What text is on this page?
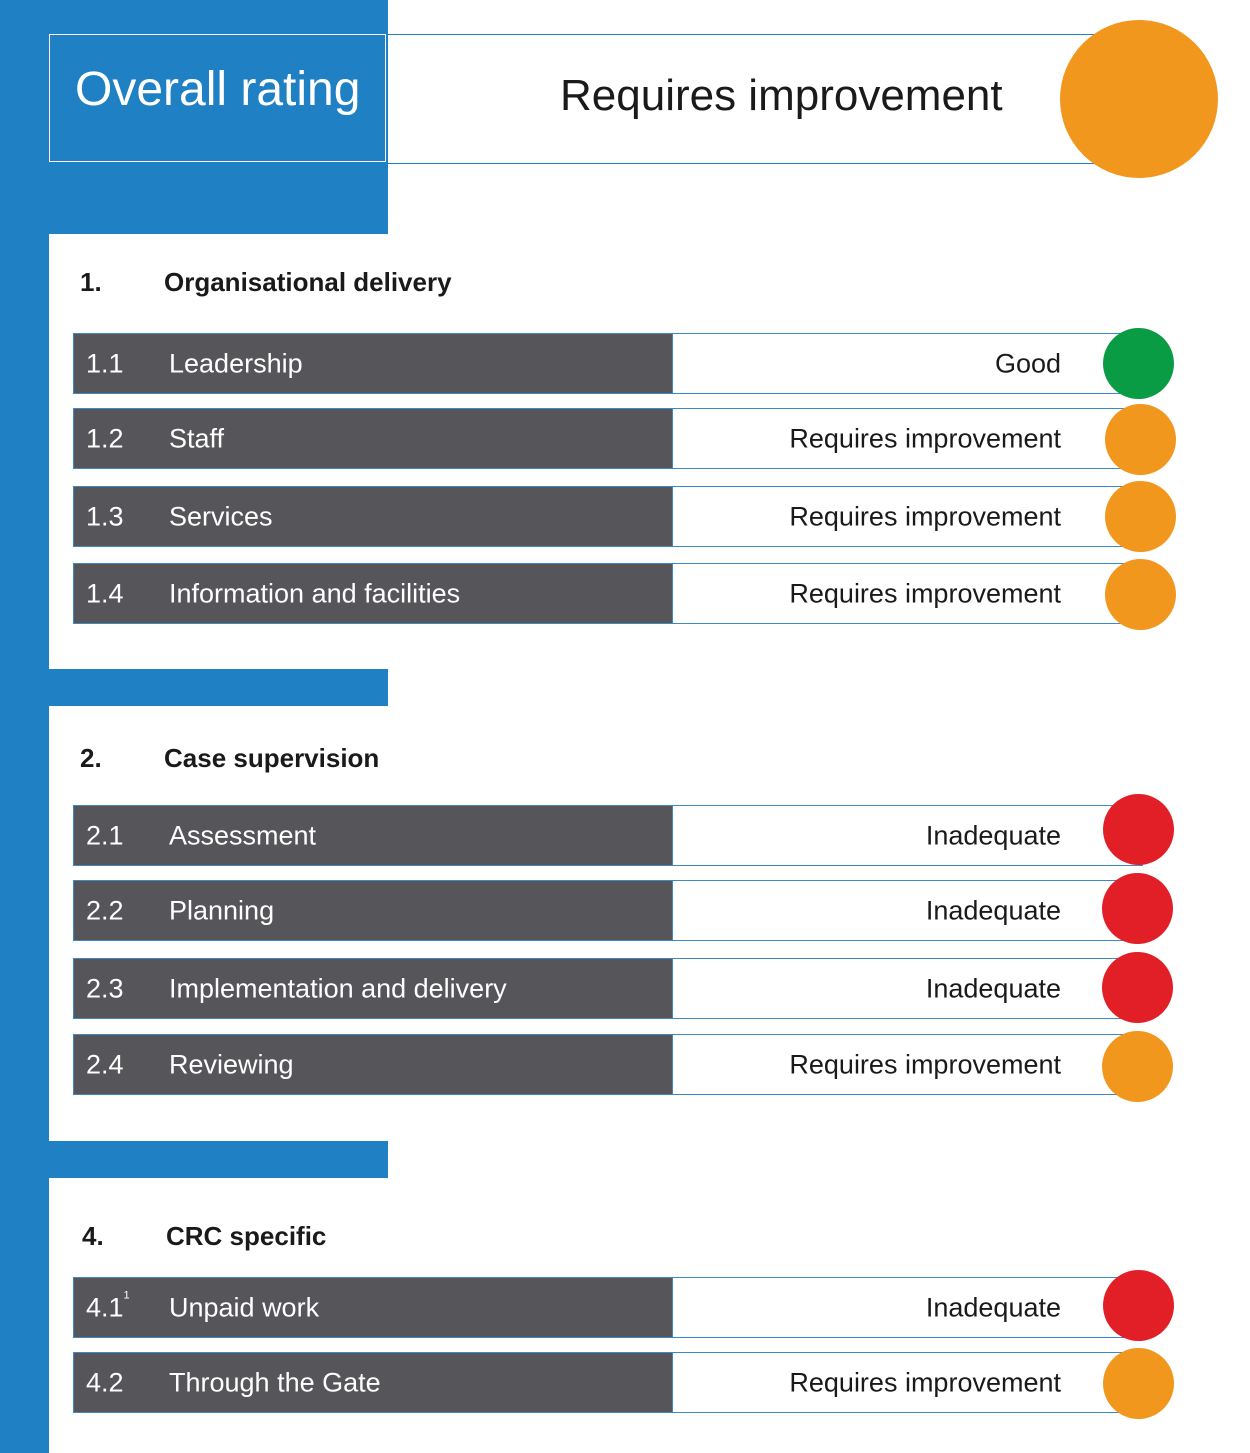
Overall rating	Requires improvement
1. Organisational delivery
1.1 Leadership	Good
1.2 Staff	Requires improvement
1.3 Services	Requires improvement
1.4 Information and facilities	Requires improvement
2. Case supervision
2.1 Assessment	Inadequate
2.2 Planning	Inadequate
2.3 Implementation and delivery	Inadequate
2.4 Reviewing	Requires improvement
4. CRC specific
$4.1^1$ Unpaid work	Inadequate
4.2 Through the Gate	Requires improvement
